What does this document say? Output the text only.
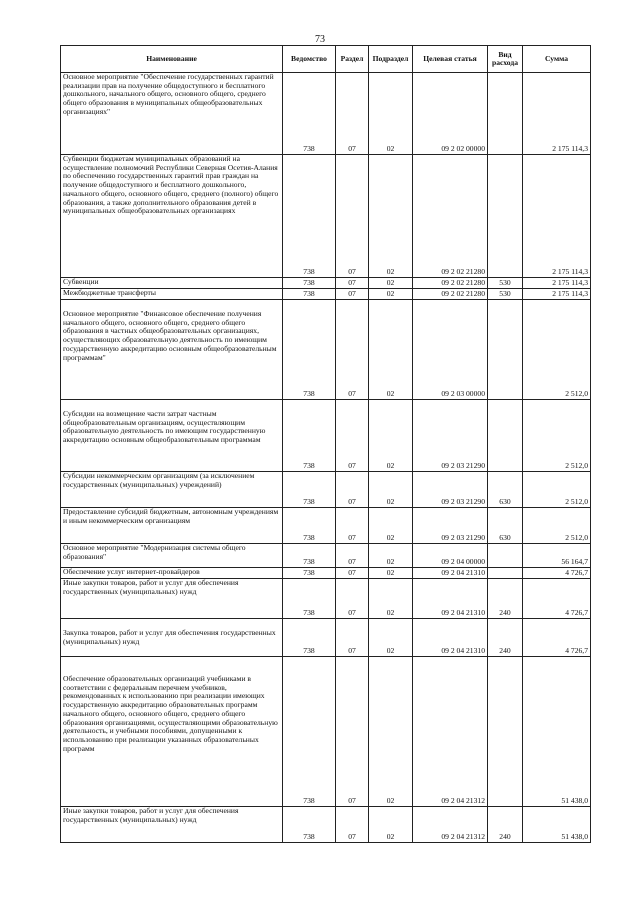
73
Наименование	Ведомство	Раздел	Подраздел	Целевая статья	Вид расхода	Сумма
Основное мероприятие "Обеспечение государственных гарантий реализации прав на получение общедоступного и бесплатного дошкольного, начального общего, основного общего, среднего общего образования в муниципальных общеобразовательных организациях"	738	07	02	09 2 02 00000		2 175 114,3
Субвенции бюджетам муниципальных образований на осуществление полномочий Республики Северная Осетия-Алания по обеспечению государственных гарантий прав граждан на получение общедоступного и бесплатного дошкольного, начального общего, основного общего, среднего (полного) общего образования, а также дополнительного образования детей в муниципальных общеобразовательных организациях	738	07	02	09 2 02 21280		2 175 114,3
Субвенции	738	07	02	09 2 02 21280	530	2 175 114,3
Межбюджетные трансферты	738	07	02	09 2 02 21280	530	2 175 114,3
Основное мероприятие "Финансовое обеспечение получения начального общего, основного общего, среднего общего образования в частных общеобразовательных организациях, осуществляющих образовательную деятельность по имеющим государственную аккредитацию основным общеобразовательным программам"	738	07	02	09 2 03 00000		2 512,0
Субсидии на возмещение части затрат частным общеобразовательным организациям, осуществляющим образовательную деятельность по имеющим государственную аккредитацию основным общеобразовательным программам	738	07	02	09 2 03 21290		2 512,0
Субсидии некоммерческим организациям (за исключением государственных (муниципальных) учреждений)	738	07	02	09 2 03 21290	630	2 512,0
Предоставление субсидий бюджетным, автономным учреждениям и иным некоммерческим организациям	738	07	02	09 2 03 21290	630	2 512,0
Основное мероприятие "Модернизация системы общего образования"	738	07	02	09 2 04 00000		56 164,7
Обеспечение услуг интернет-провайдеров	738	07	02	09 2 04 21310		4 726,7
Иные закупки товаров, работ и услуг для обеспечения государственных (муниципальных) нужд	738	07	02	09 2 04 21310	240	4 726,7
Закупка товаров, работ и услуг для обеспечения государственных (муниципальных) нужд	738	07	02	09 2 04 21310	240	4 726,7
Обеспечение образовательных организаций учебниками в соответствии с федеральным перечнем учебников, рекомендованных к использованию при реализации имеющих государственную аккредитацию образовательных программ начального общего, основного общего, среднего общего образования организациями, осуществляющими образовательную деятельность, и учебными пособиями, допущенными к использованию при реализации указанных образовательных программ	738	07	02	09 2 04 21312		51 438,0
Иные закупки товаров, работ и услуг для обеспечения государственных (муниципальных) нужд	738	07	02	09 2 04 21312	240	51 438,0
